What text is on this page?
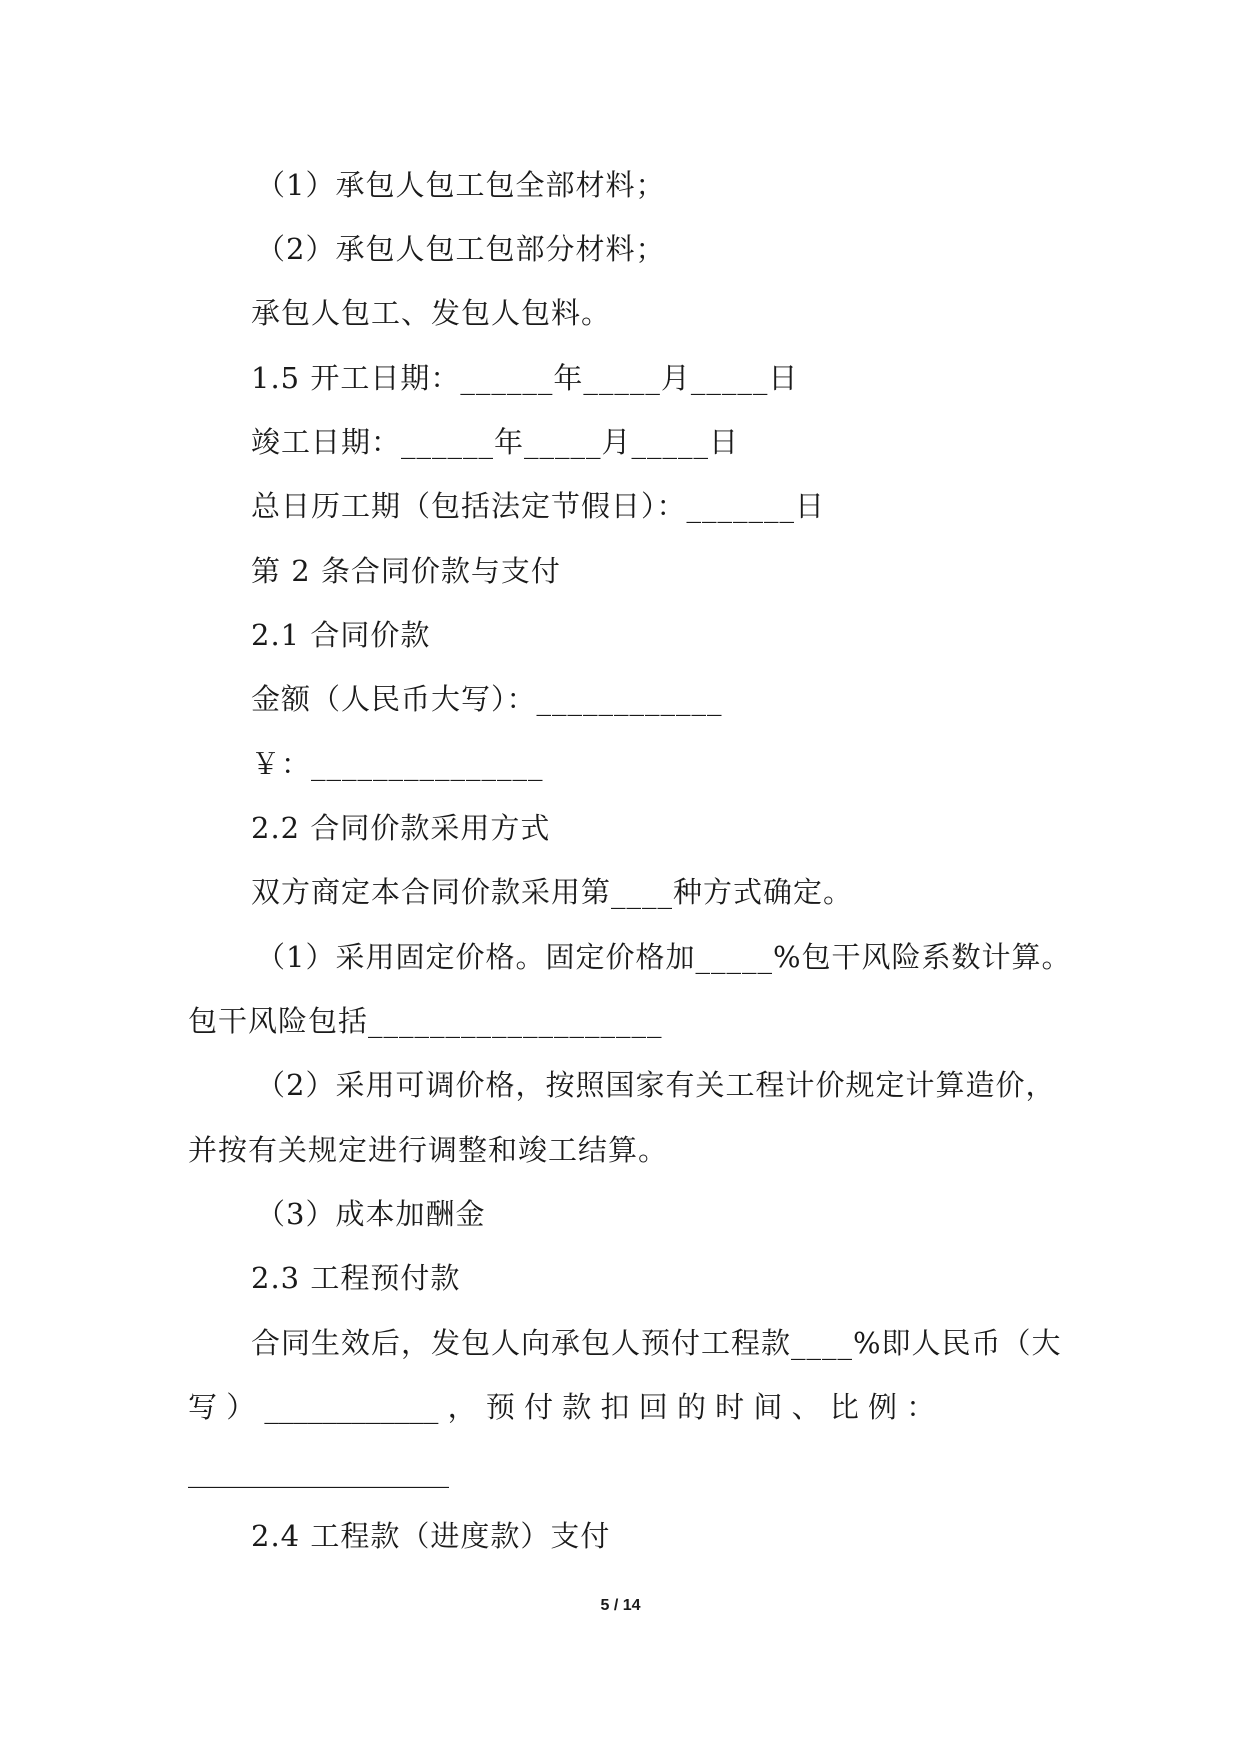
（1）承包人包工包全部材料；
（2）承包人包工包部分材料；
承包人包工、发包人包料。
1.5 开工日期：______年_____月_____日
竣工日期：______年_____月_____日
总日历工期（包括法定节假日）：_______日
第 2 条合同价款与支付
2.1 合同价款
金额（人民币大写）：____________
￥：_______________
2.2 合同价款采用方式
双方商定本合同价款采用第____种方式确定。
（1）采用固定价格。固定价格加_____%包干风险系数计算。
包干风险包括___________________
（2）采用可调价格，按照国家有关工程计价规定计算造价，
并按有关规定进行调整和竣工结算。
（3）成本加酬金
2.3 工程预付款
合同生效后，发包人向承包人预付工程款____%即人民币（大
写 ） ____________ ， 预 付 款 扣 回 的 时 间 、 比 例 ：
__________________
2.4 工程款（进度款）支付
5 / 14
